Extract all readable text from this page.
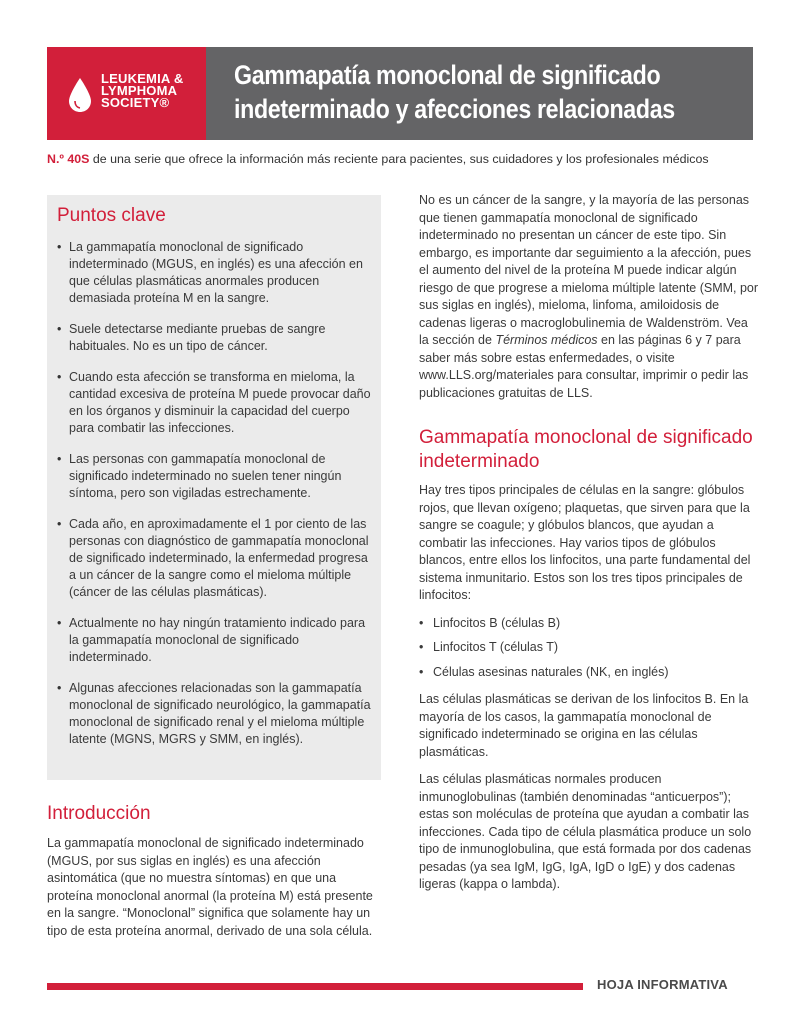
LEUKEMIA &
LYMPHOMA
SOCIETY®
Gammapatía monoclonal de significado
indeterminado y afecciones relacionadas
N.º 40S de una serie que ofrece la información más reciente para pacientes, sus cuidadores y los profesionales médicos
Puntos clave
• La gammapatía monoclonal de significado indeterminado (MGUS, en inglés) es una afección en que células plasmáticas anormales producen demasiada proteína M en la sangre.
• Suele detectarse mediante pruebas de sangre habituales. No es un tipo de cáncer.
• Cuando esta afección se transforma en mieloma, la cantidad excesiva de proteína M puede provocar daño en los órganos y disminuir la capacidad del cuerpo para combatir las infecciones.
• Las personas con gammapatía monoclonal de significado indeterminado no suelen tener ningún síntoma, pero son vigiladas estrechamente.
• Cada año, en aproximadamente el 1 por ciento de las personas con diagnóstico de gammapatía monoclonal de significado indeterminado, la enfermedad progresa a un cáncer de la sangre como el mieloma múltiple (cáncer de las células plasmáticas).
• Actualmente no hay ningún tratamiento indicado para la gammapatía monoclonal de significado indeterminado.
• Algunas afecciones relacionadas son la gammapatía monoclonal de significado neurológico, la gammapatía monoclonal de significado renal y el mieloma múltiple latente (MGNS, MGRS y SMM, en inglés).
Introducción

La gammapatía monoclonal de significado indeterminado (MGUS, por sus siglas en inglés) es una afección asintomática (que no muestra síntomas) en que una proteína monoclonal anormal (la proteína M) está presente en la sangre. “Monoclonal” significa que solamente hay un tipo de esta proteína anormal, derivado de una sola célula.

No es un cáncer de la sangre, y la mayoría de las personas que tienen gammapatía monoclonal de significado indeterminado no presentan un cáncer de este tipo. Sin embargo, es importante dar seguimiento a la afección, pues el aumento del nivel de la proteína M puede indicar algún riesgo de que progrese a mieloma múltiple latente (SMM, por sus siglas en inglés), mieloma, linfoma, amiloidosis de cadenas ligeras o macroglobulinemia de Waldenström. Vea la sección de Términos médicos en las páginas 6 y 7 para saber más sobre estas enfermedades, o visite www.LLS.org/materiales para consultar, imprimir o pedir las publicaciones gratuitas de LLS.

Gammapatía monoclonal de significado indeterminado

Hay tres tipos principales de células en la sangre: glóbulos rojos, que llevan oxígeno; plaquetas, que sirven para que la sangre se coagule; y glóbulos blancos, que ayudan a combatir las infecciones. Hay varios tipos de glóbulos blancos, entre ellos los linfocitos, una parte fundamental del sistema inmunitario. Estos son los tres tipos principales de linfocitos:

• Linfocitos B (células B)
• Linfocitos T (células T)
• Células asesinas naturales (NK, en inglés)

Las células plasmáticas se derivan de los linfocitos B. En la mayoría de los casos, la gammapatía monoclonal de significado indeterminado se origina en las células plasmáticas.

Las células plasmáticas normales producen inmunoglobulinas (también denominadas “anticuerpos”); estas son moléculas de proteína que ayudan a combatir las infecciones. Cada tipo de célula plasmática produce un solo tipo de inmunoglobulina, que está formada por dos cadenas pesadas (ya sea IgM, IgG, IgA, IgD o IgE) y dos cadenas ligeras (kappa o lambda).

HOJA INFORMATIVA
